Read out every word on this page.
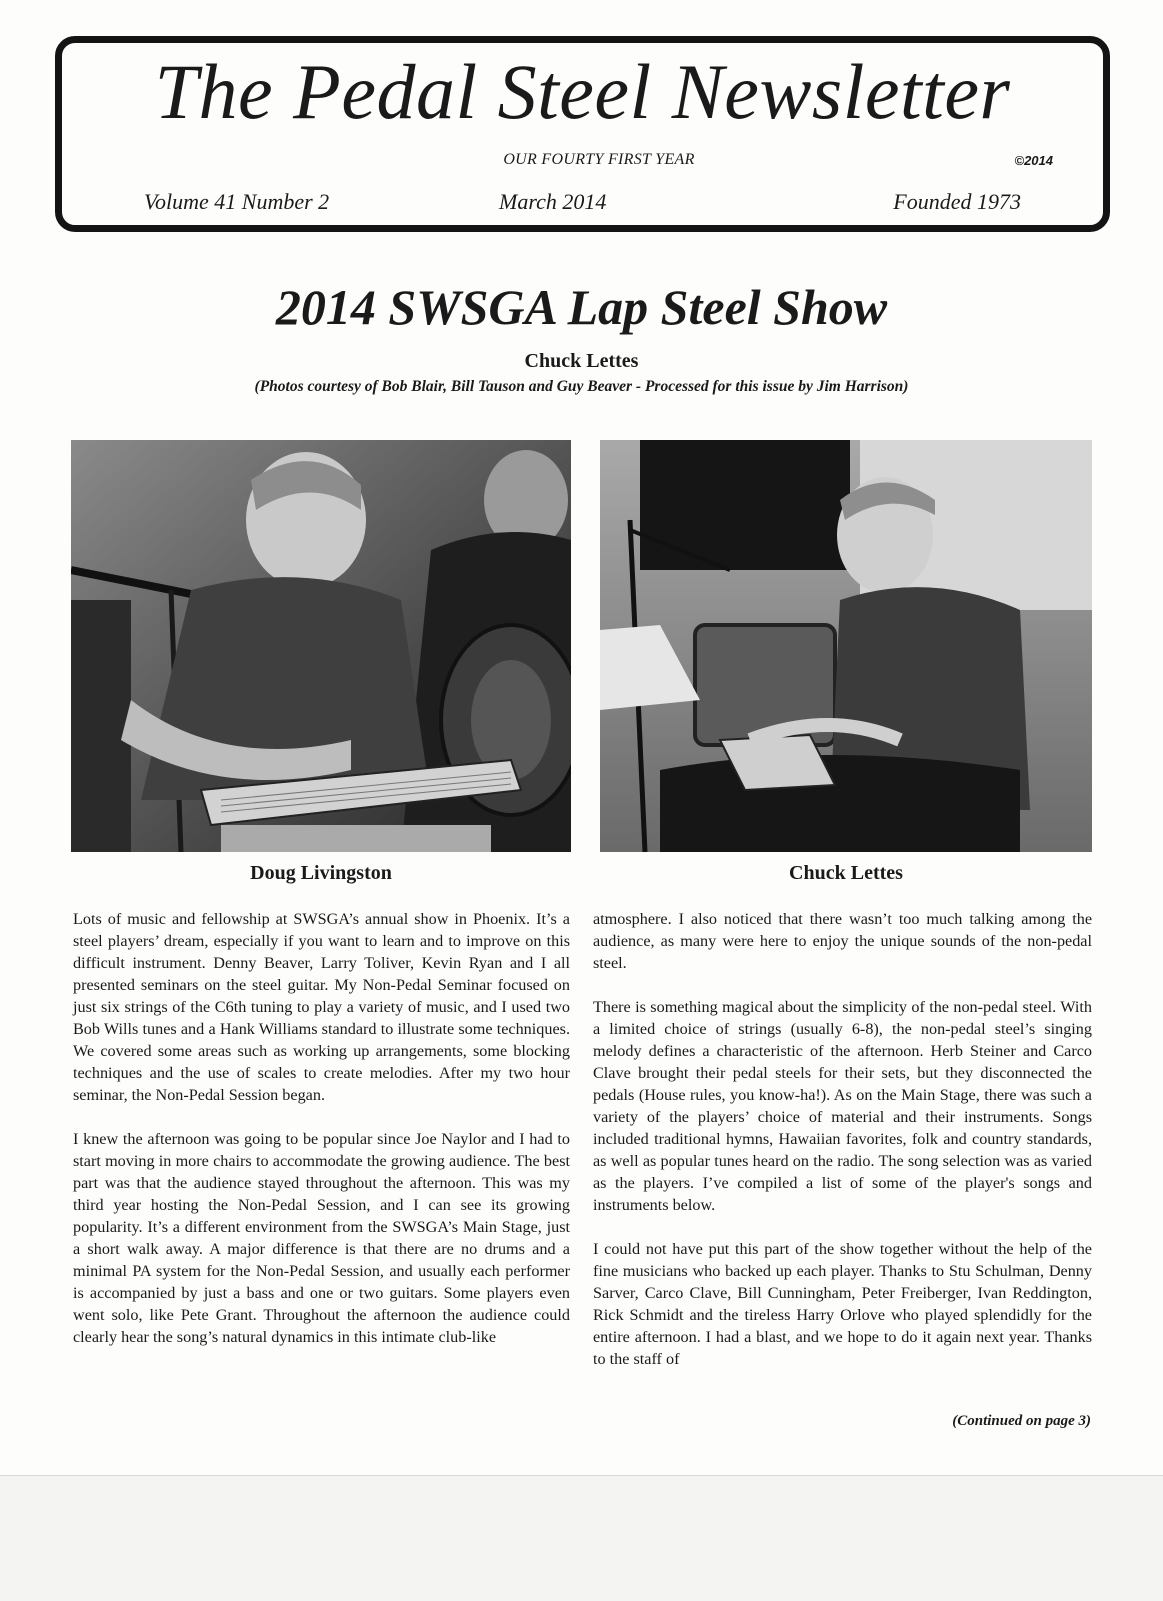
The Pedal Steel Newsletter
OUR FOURTY FIRST YEAR	©2014
Volume 41 Number 2	March 2014	Founded 1973
2014 SWSGA Lap Steel Show
Chuck Lettes
(Photos courtesy of Bob Blair, Bill Tauson and Guy Beaver - Processed for this issue by Jim Harrison)
Doug Livingston	Chuck Lettes

Lots of music and fellowship at SWSGA’s annual show in Phoenix. It’s a steel players’ dream, especially if you want to learn and to improve on this difficult instrument. Denny Beaver, Larry Toliver, Kevin Ryan and I all presented seminars on the steel guitar. My Non-Pedal Seminar focused on just six strings of the C6th tuning to play a variety of music, and I used two Bob Wills tunes and a Hank Williams standard to illustrate some techniques. We covered some areas such as working up arrangements, some blocking techniques and the use of scales to create melodies. After my two hour seminar, the Non-Pedal Session began.

I knew the afternoon was going to be popular since Joe Naylor and I had to start moving in more chairs to accommodate the growing audience. The best part was that the audience stayed throughout the afternoon. This was my third year hosting the Non-Pedal Session, and I can see its growing popularity. It’s a different environment from the SWSGA’s Main Stage, just a short walk away. A major difference is that there are no drums and a minimal PA system for the Non-Pedal Session, and usually each performer is accompanied by just a bass and one or two guitars. Some players even went solo, like Pete Grant. Throughout the afternoon the audience could clearly hear the song’s natural dynamics in this intimate club-like

atmosphere. I also noticed that there wasn’t too much talking among the audience, as many were here to enjoy the unique sounds of the non-pedal steel.

There is something magical about the simplicity of the non-pedal steel. With a limited choice of strings (usually 6-8), the non-pedal steel’s singing melody defines a characteristic of the afternoon. Herb Steiner and Carco Clave brought their pedal steels for their sets, but they disconnected the pedals (House rules, you know-ha!). As on the Main Stage, there was such a variety of the players’ choice of material and their instruments. Songs included traditional hymns, Hawaiian favorites, folk and country standards, as well as popular tunes heard on the radio. The song selection was as varied as the players. I’ve compiled a list of some of the player's songs and instruments below.

I could not have put this part of the show together without the help of the fine musicians who backed up each player. Thanks to Stu Schulman, Denny Sarver, Carco Clave, Bill Cunningham, Peter Freiberger, Ivan Reddington, Rick Schmidt and the tireless Harry Orlove who played splendidly for the entire afternoon. I had a blast, and we hope to do it again next year. Thanks to the staff of

(Continued on page 3)
